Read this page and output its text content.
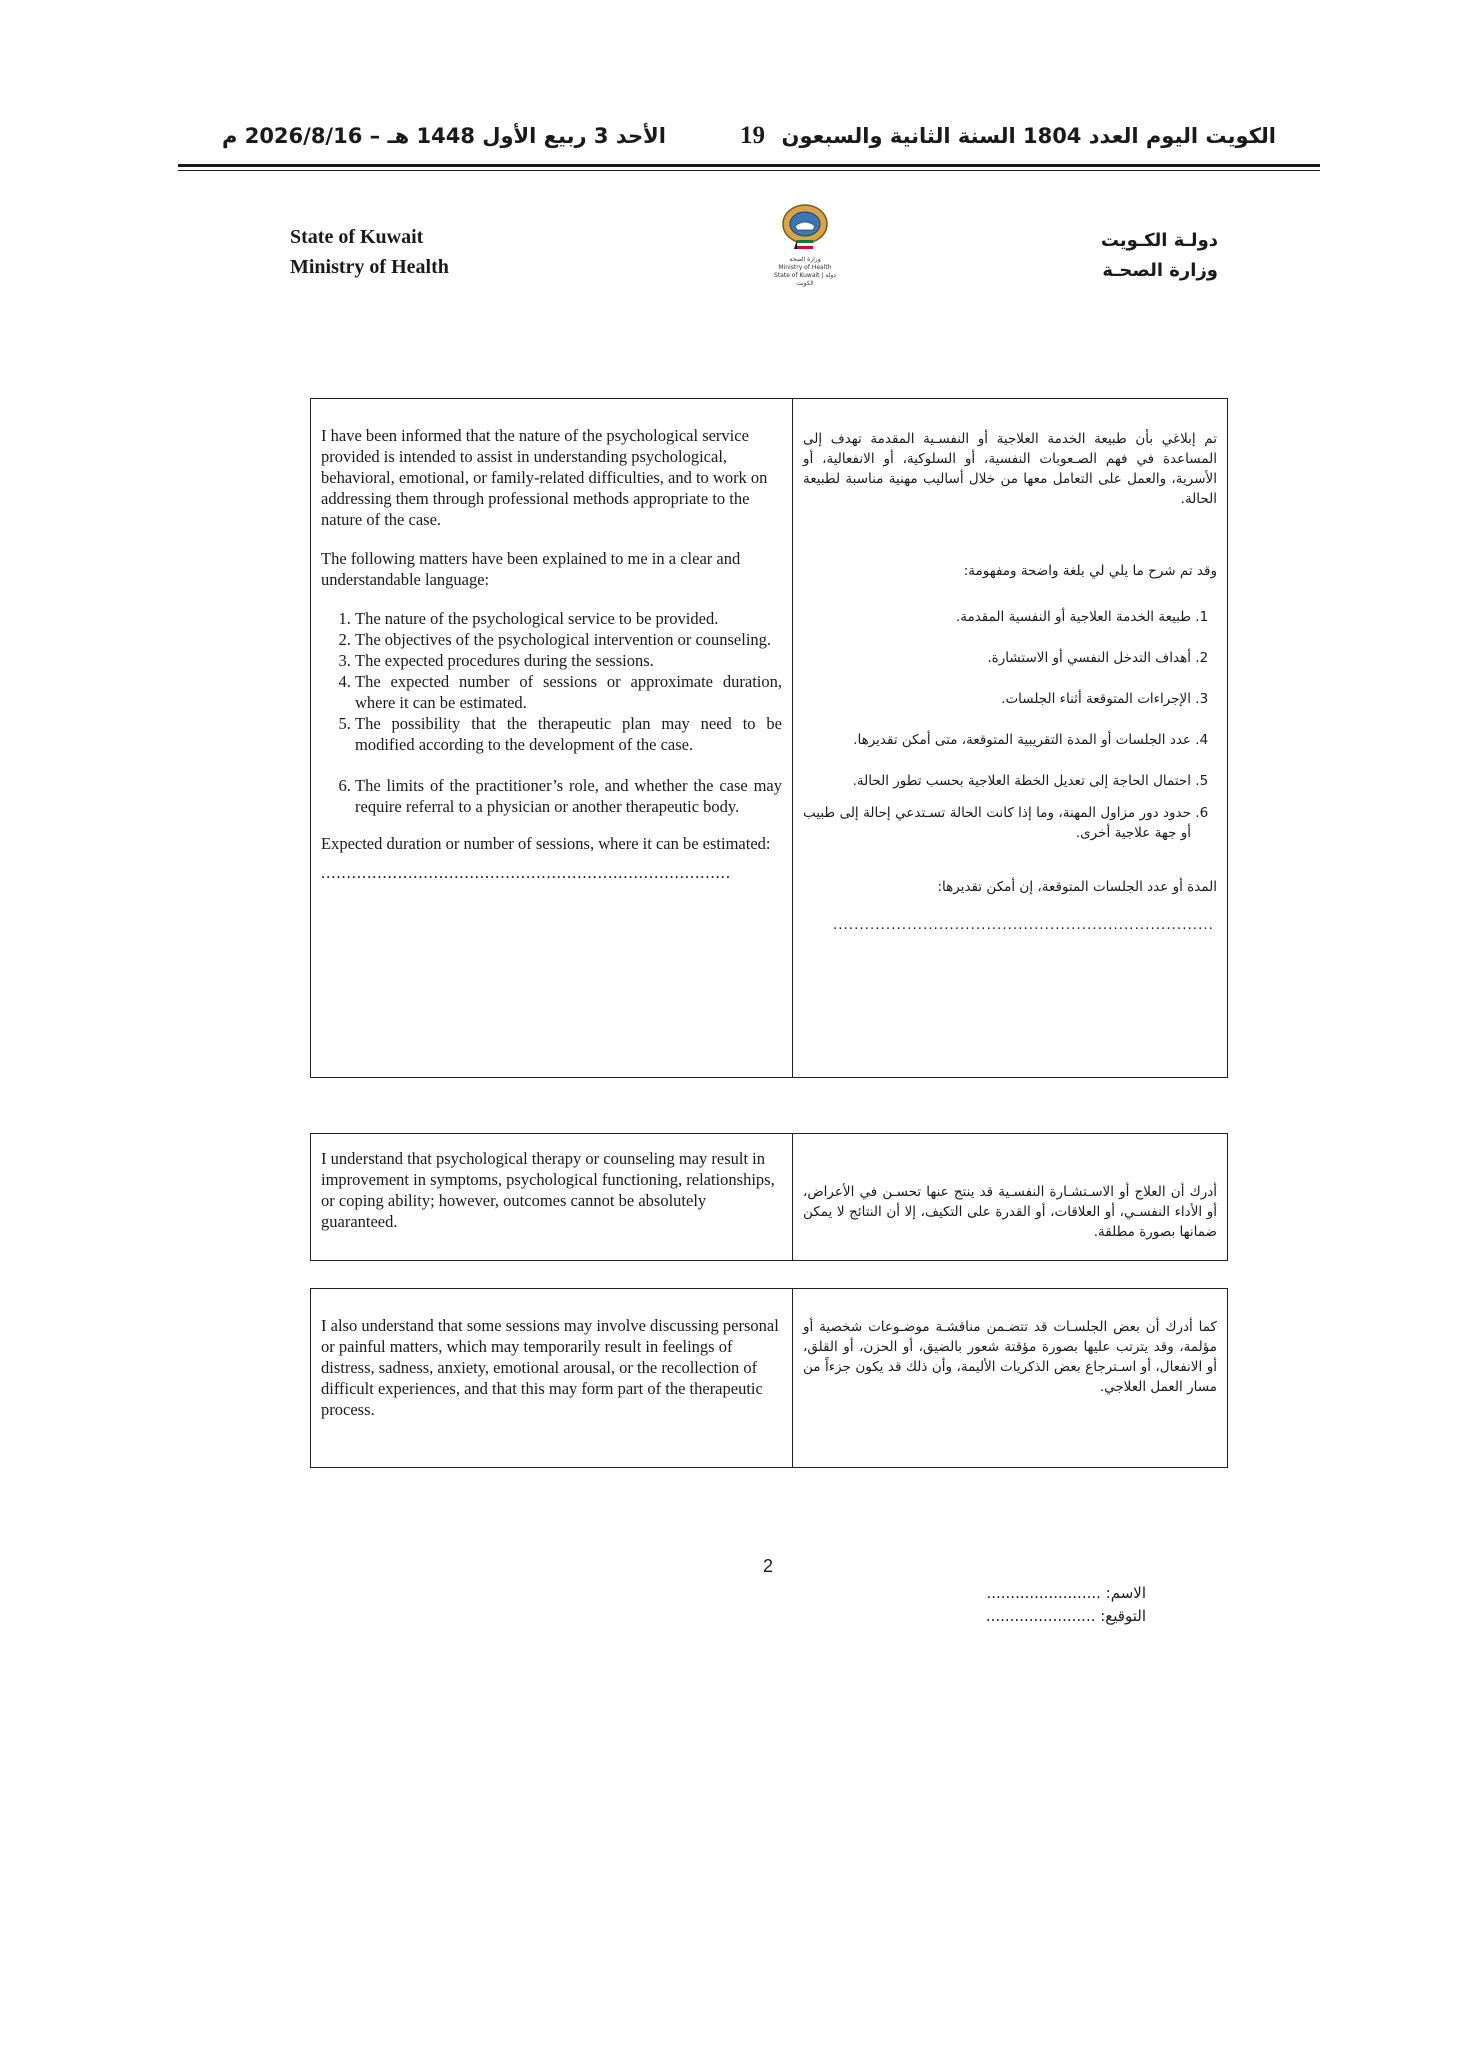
الكويت اليوم العدد 1804 السنة الثانية والسبعون
19
الأحد 3 ربيع الأول 1448 هـ – 2026/8/16 م
State of Kuwait
Ministry of Health	وزارة الصحة
Ministry of Health
State of Kuwait | دولة الكويت
دولـة الكـويت
وزارة الصحـة

I have been informed that the nature of the psychological service provided is intended to assist in understanding psychological, behavioral, emotional, or family-related difficulties, and to work on addressing them through professional methods appropriate to the nature of the case.

The following matters have been explained to me in a clear and understandable language:

1. The nature of the psychological service to be provided.
2. The objectives of the psychological intervention or counseling.
3. The expected procedures during the sessions.
4. The expected number of sessions or approximate duration, where it can be estimated.
5. The possibility that the therapeutic plan may need to be modified according to the development of the case.
6. The limits of the practitioner’s role, and whether the case may require referral to a physician or another therapeutic body.

Expected duration or number of sessions, where it can be estimated:

................................................................................

تم إبلاغي بأن طبيعة الخدمة العلاجية أو النفسـية المقدمة تهدف إلى المساعدة في فهم الصـعوبات النفسية، أو السلوكية، أو الانفعالية، أو الأسرية، والعمل على التعامل معها من خلال أساليب مهنية مناسبة لطبيعة الحالة.

وقد تم شرح ما يلي لي بلغة واضحة ومفهومة:

1. طبيعة الخدمة العلاجية أو النفسية المقدمة.
2. أهداف التدخل النفسي أو الاستشارة.
3. الإجراءات المتوقعة أثناء الجلسات.
4. عدد الجلسات أو المدة التقريبية المتوقعة، متى أمكن تقديرها.
5. احتمال الحاجة إلى تعديل الخطة العلاجية بحسب تطور الحالة.
6. حدود دور مزاول المهنة، وما إذا كانت الحالة تسـتدعي إحالة إلى طبيب أو جهة علاجية أخرى.

المدة أو عدد الجلسات المتوقعة، إن أمكن تقديرها:

........................................................................
I understand that psychological therapy or counseling may result in improvement in symptoms, psychological functioning, relationships, or coping ability; however, outcomes cannot be absolutely guaranteed.
أدرك أن العلاج أو الاسـتشـارة النفسـية قد ينتج عنها تحسـن في الأعراض، أو الأداء النفسـي، أو العلاقات، أو القدرة على التكيف، إلا أن النتائج لا يمكن ضمانها بصورة مطلقة.
I also understand that some sessions may involve discussing personal or painful matters, which may temporarily result in feelings of distress, sadness, anxiety, emotional arousal, or the recollection of difficult experiences, and that this may form part of the therapeutic process.
كما أدرك أن بعض الجلسـات قد تتضـمن مناقشـة موضـوعات شخصية أو مؤلمة، وقد يترتب عليها بصورة مؤقتة شعور بالضيق، أو الحزن، أو القلق، أو الانفعال، أو اسـترجاع بعض الذكريات الأليمة، وأن ذلك قد يكون جزءاً من مسار العمل العلاجي.
2
الاسم: ........................
التوقيع: .......................
